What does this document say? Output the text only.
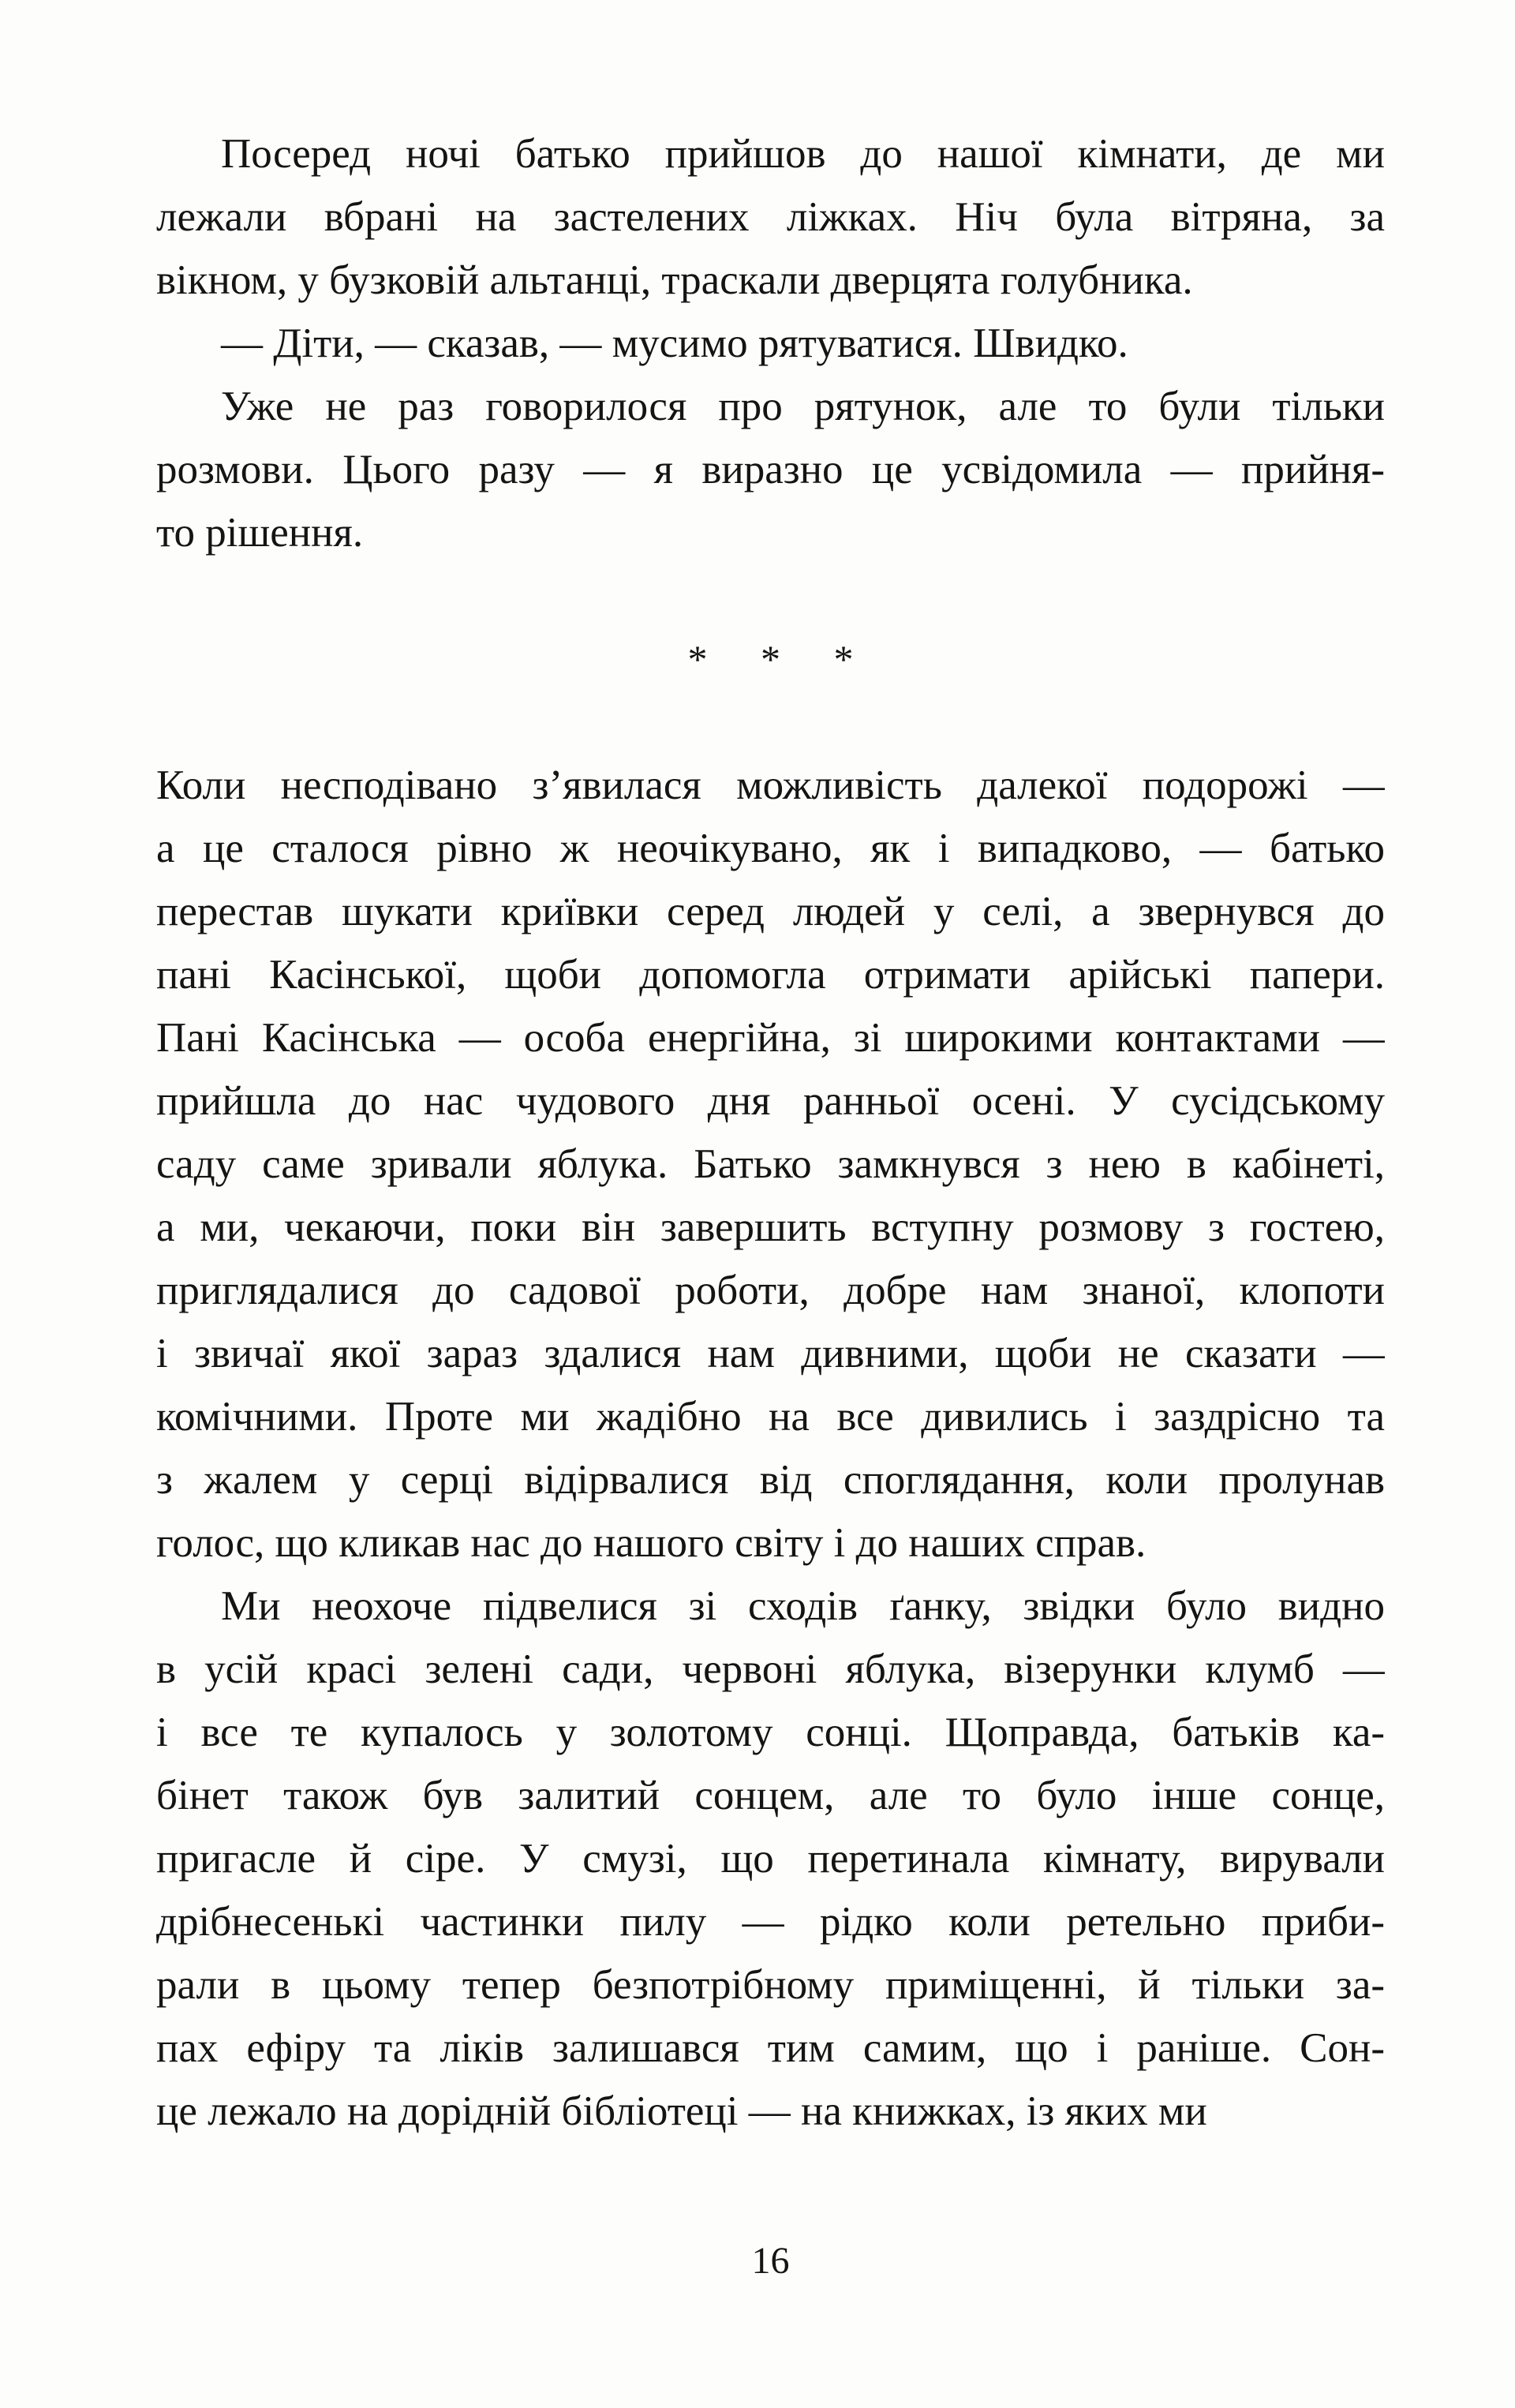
Посеред ночі батько прийшов до нашої кімнати, де ми
лежали вбрані на застелених ліжках. Ніч була вітряна, за
вікном, у бузковій альтанці, траскали дверцята голубника.
— Діти, — сказав, — мусимо рятуватися. Швидко.
Уже не раз говорилося про рятунок, але то були тільки
розмови. Цього разу — я виразно це усвідомила — прийня-
то рішення.
* * *
Коли несподівано з’явилася можливість далекої подорожі —
а це сталося рівно ж неочікувано, як і випадково, — батько
перестав шукати криївки серед людей у селі, а звернувся до
пані Касінської, щоби допомогла отримати арійські папери.
Пані Касінська — особа енергійна, зі широкими контактами —
прийшла до нас чудового дня ранньої осені. У сусідському
саду саме зривали яблука. Батько замкнувся з нею в кабінеті,
а ми, чекаючи, поки він завершить вступну розмову з гостею,
приглядалися до садової роботи, добре нам знаної, клопоти
і звичаї якої зараз здалися нам дивними, щоби не сказати —
комічними. Проте ми жадібно на все дивились і заздрісно та
з жалем у серці відірвалися від споглядання, коли пролунав
голос, що кликав нас до нашого світу і до наших справ.
Ми неохоче підвелися зі сходів ґанку, звідки було видно
в усій красі зелені сади, червоні яблука, візерунки клумб —
і все те купалось у золотому сонці. Щоправда, батьків ка-
бінет також був залитий сонцем, але то було інше сонце,
пригасле й сіре. У смузі, що перетинала кімнату, вирували
дрібнесенькі частинки пилу — рідко коли ретельно приби-
рали в цьому тепер безпотрібному приміщенні, й тільки за-
пах ефіру та ліків залишався тим самим, що і раніше. Сон-
це лежало на дорідній бібліотеці — на книжках, із яких ми
16
